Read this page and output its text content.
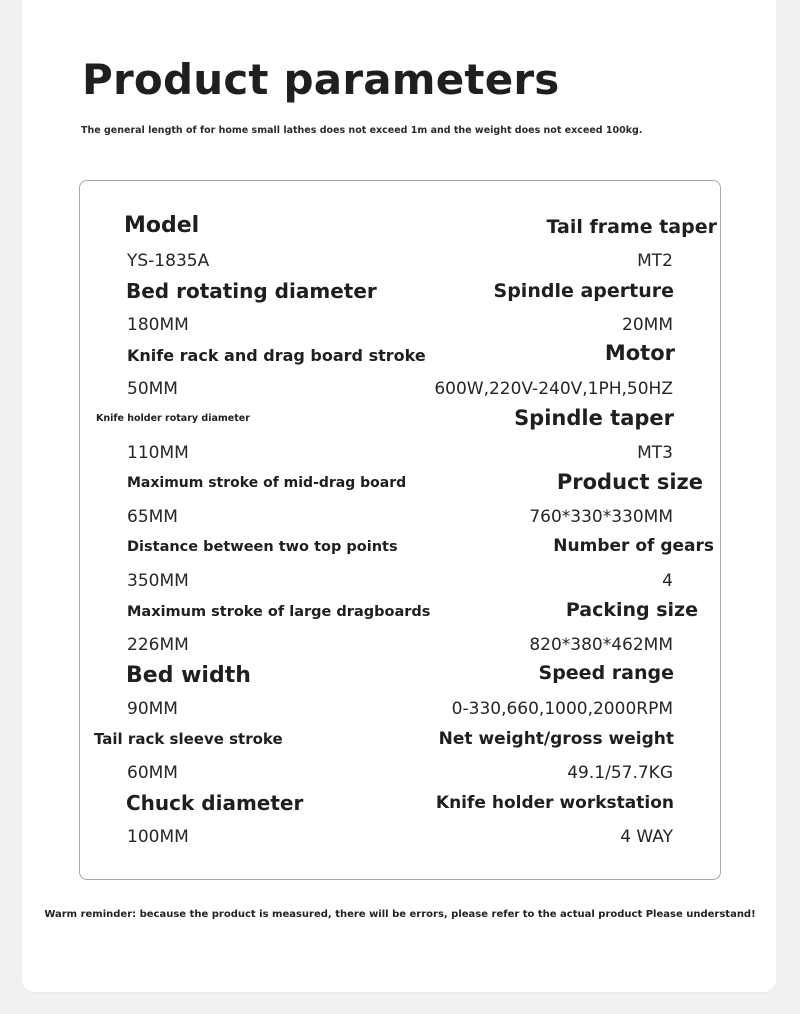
Product parameters
The general length of for home small lathes does not exceed 1m and the weight does not exceed 100kg.
Model
YS-1835A
Bed rotating diameter
180MM
Knife rack and drag board stroke
50MM
Knife holder rotary diameter
110MM
Maximum stroke of mid-drag board
65MM
Distance between two top points
350MM
Maximum stroke of large dragboards
226MM
Bed width
90MM
Tail rack sleeve stroke
60MM
Chuck diameter
100MM
Tail frame taper
MT2
Spindle aperture
20MM
Motor
600W,220V-240V,1PH,50HZ
Spindle taper
MT3
Product size
760*330*330MM
Number of gears
4
Packing size
820*380*462MM
Speed range
0-330,660,1000,2000RPM
Net weight/gross weight
49.1/57.7KG
Knife holder workstation
4 WAY
Warm reminder: because the product is measured, there will be errors, please refer to the actual product Please understand!
